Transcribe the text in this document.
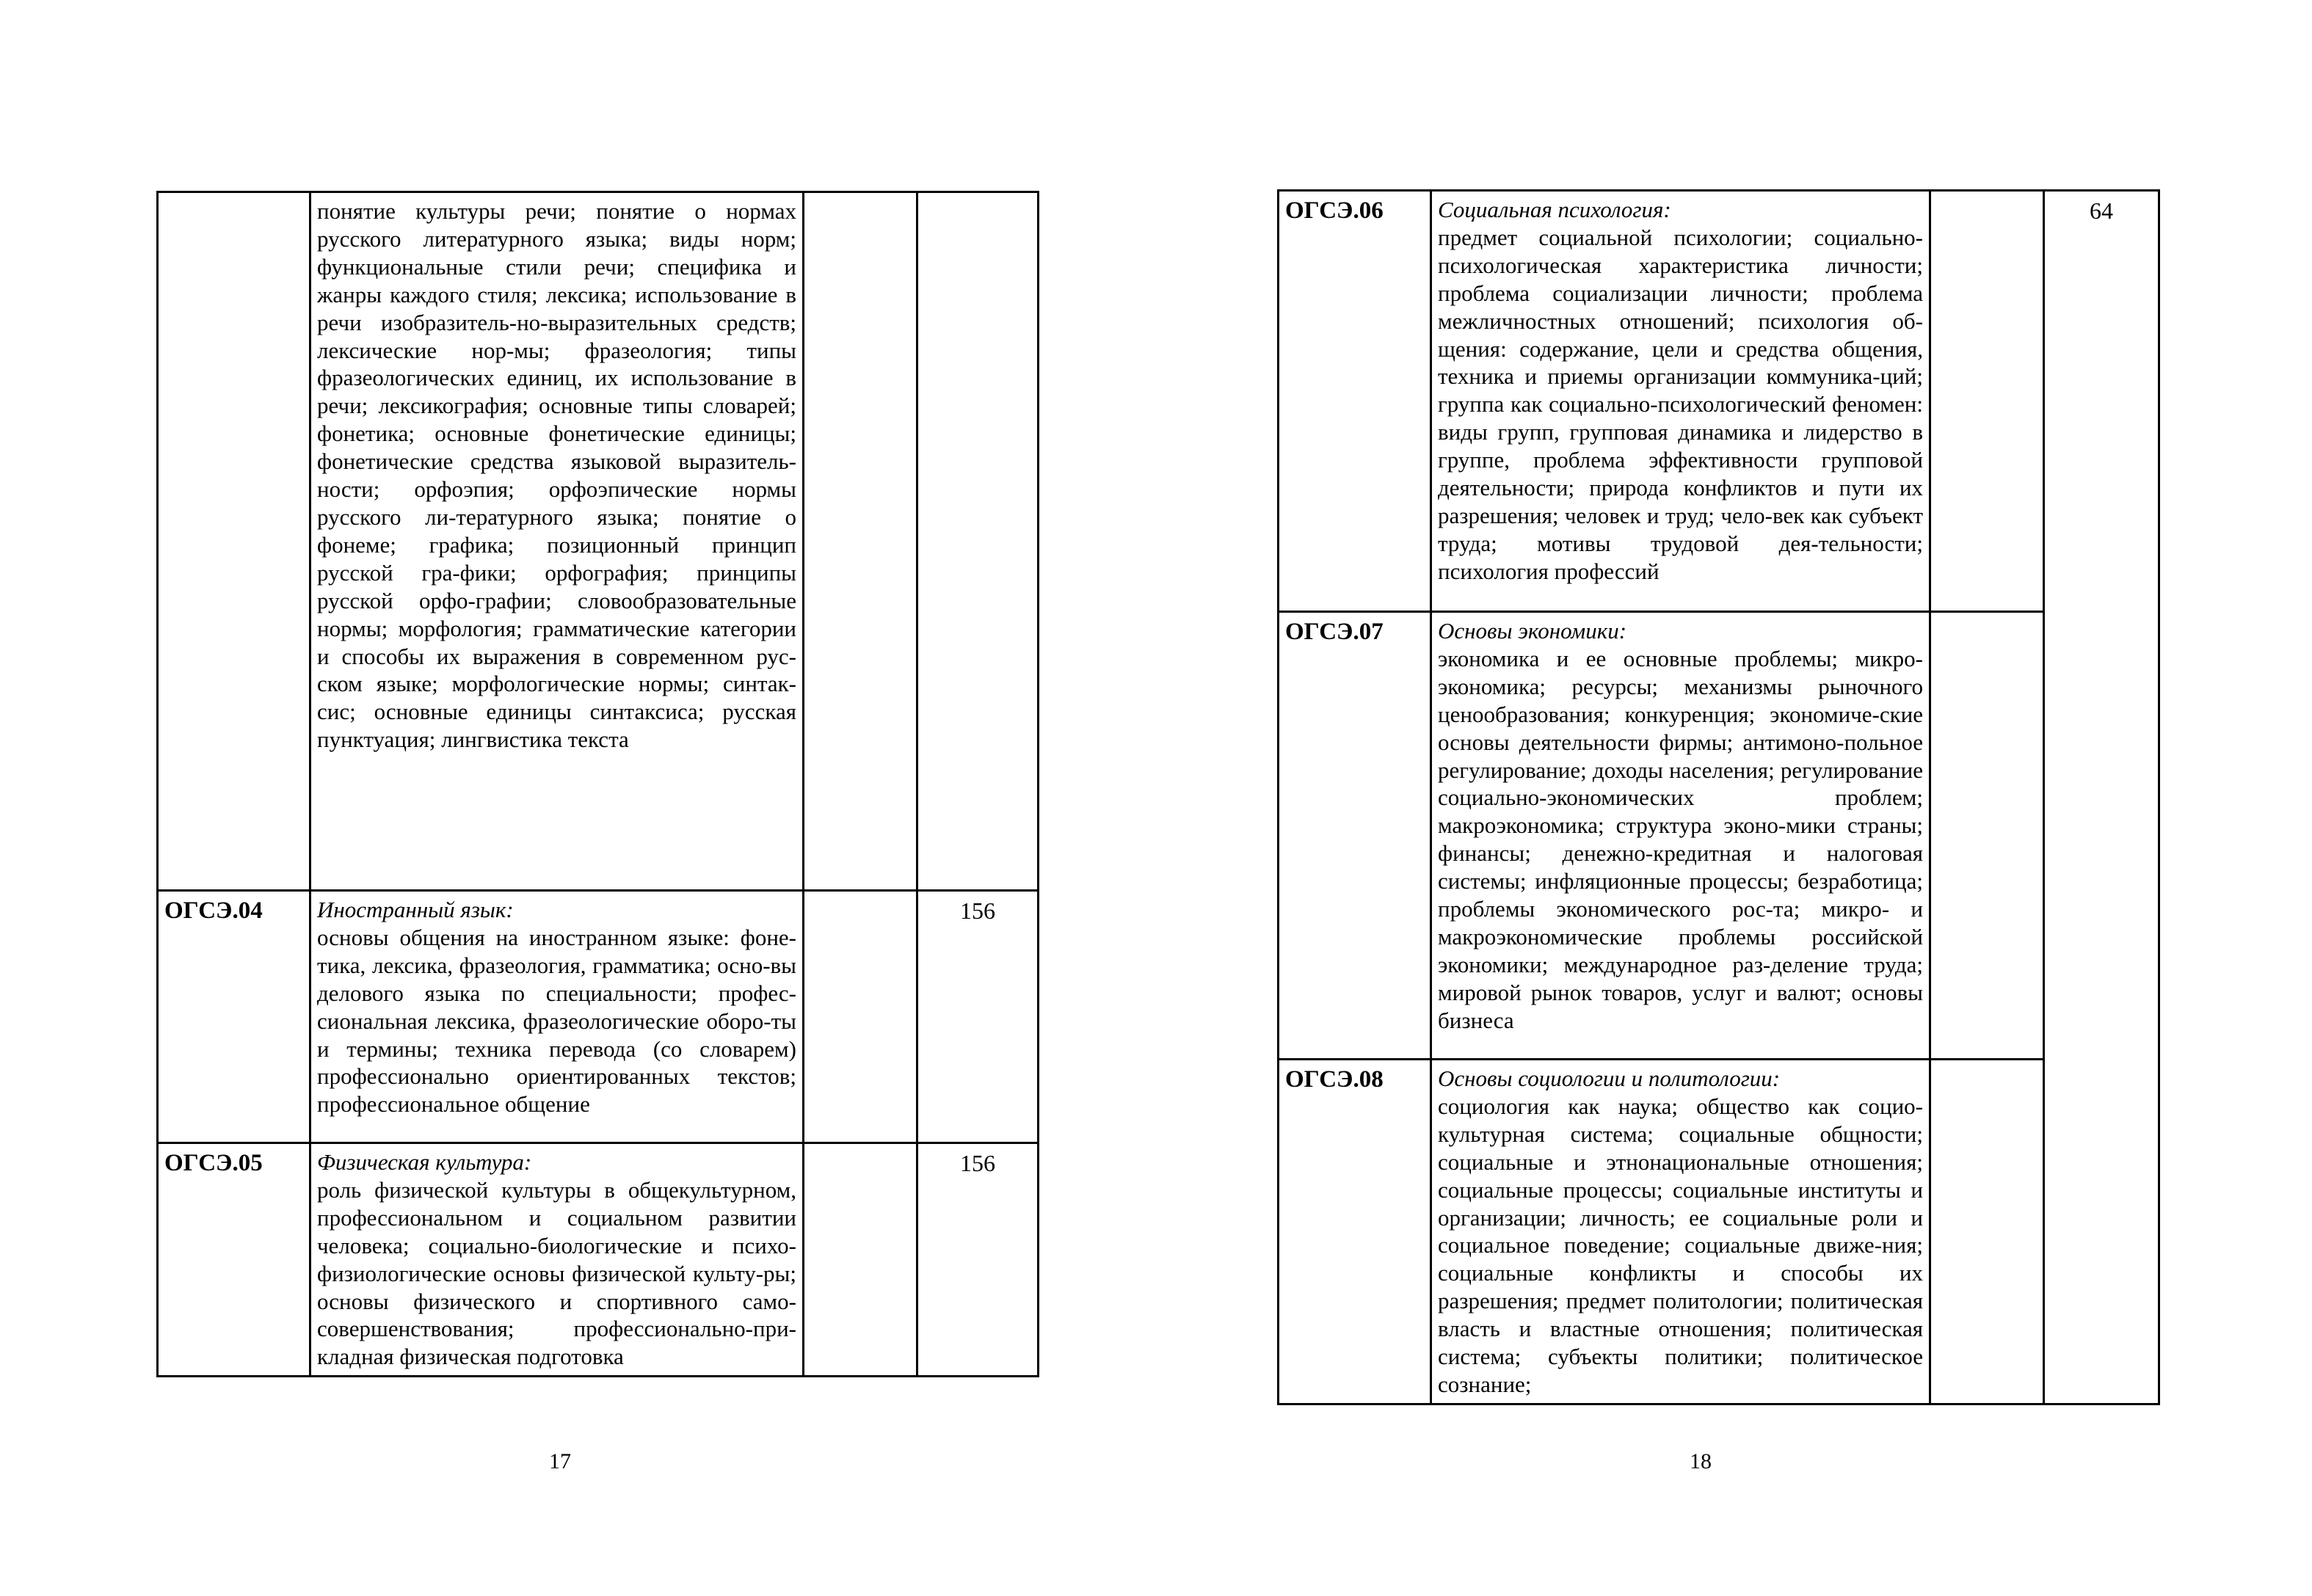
	понятие культуры речи; понятие о нормах русского литературного языка; виды норм; функциональные стили речи; специфика и жанры каждого стиля; лексика; использование в речи изобразитель-но-выразительных средств; лексические нор-мы; фразеология; типы фразеологических единиц, их использование в речи; лексикография; основные типы словарей; фонетика; основные фонетические единицы; фонетические средства языковой выразитель-ности; орфоэпия; орфоэпические нормы русского ли-тературного языка; понятие о фонеме; графика; позиционный принцип русской гра-фики; орфография; принципы русской орфо-графии; словообразовательные нормы; морфология; грамматические категории и способы их выражения в современном рус-ском языке; морфологические нормы; синтак-сис; основные единицы синтаксиса; русская пунктуация; лингвистика текста		

ОГСЭ.04	Иностранный язык:
основы общения на иностранном языке: фоне-тика, лексика, фразеология, грамматика; осно-вы делового языка по специальности; профес-сиональная лексика, фразеологические оборо-ты и термины; техника перевода (со словарем) профессионально ориентированных текстов; профессиональное общение		156
ОГСЭ.05	Физическая культура:
роль физической культуры в общекультурном, профессиональном и социальном развитии человека; социально-биологические и психо-физиологические основы физической культу-ры; основы физического и спортивного само-совершенствования; профессионально-при-кладная физическая подготовка		156
17
ОГСЭ.06	Социальная психология:
предмет социальной психологии; социально-психологическая характеристика личности; проблема социализации личности; проблема межличностных отношений; психология об-щения: содержание, цели и средства общения, техника и приемы организации коммуника-ций; группа как социально-психологический феномен: виды групп, групповая динамика и лидерство в группе, проблема эффективности групповой деятельности; природа конфликтов и пути их разрешения; человек и труд; чело-век как субъект труда; мотивы трудовой дея-тельности; психология профессий		64
ОГСЭ.07	Основы экономики:
экономика и ее основные проблемы; микро-экономика; ресурсы; механизмы рыночного ценообразования; конкуренция; экономиче-ские основы деятельности фирмы; антимоно-польное регулирование; доходы населения; регулирование социально-экономических проблем; макроэкономика; структура эконо-мики страны; финансы; денежно-кредитная и налоговая системы; инфляционные процессы; безработица; проблемы экономического рос-та; микро- и макроэкономические проблемы российской экономики; международное раз-деление труда; мировой рынок товаров, услуг и валют; основы бизнеса		

ОГСЭ.08	Основы социологии и политологии:
социология как наука; общество как социо-культурная система; социальные общности; социальные и этнонациональные отношения; социальные процессы; социальные институты и организации; личность; ее социальные роли и социальное поведение; социальные движе-ния; социальные конфликты и способы их разрешения; предмет политологии; политическая власть и властные отношения; политическая система; субъекты политики; политическое сознание;		

18
